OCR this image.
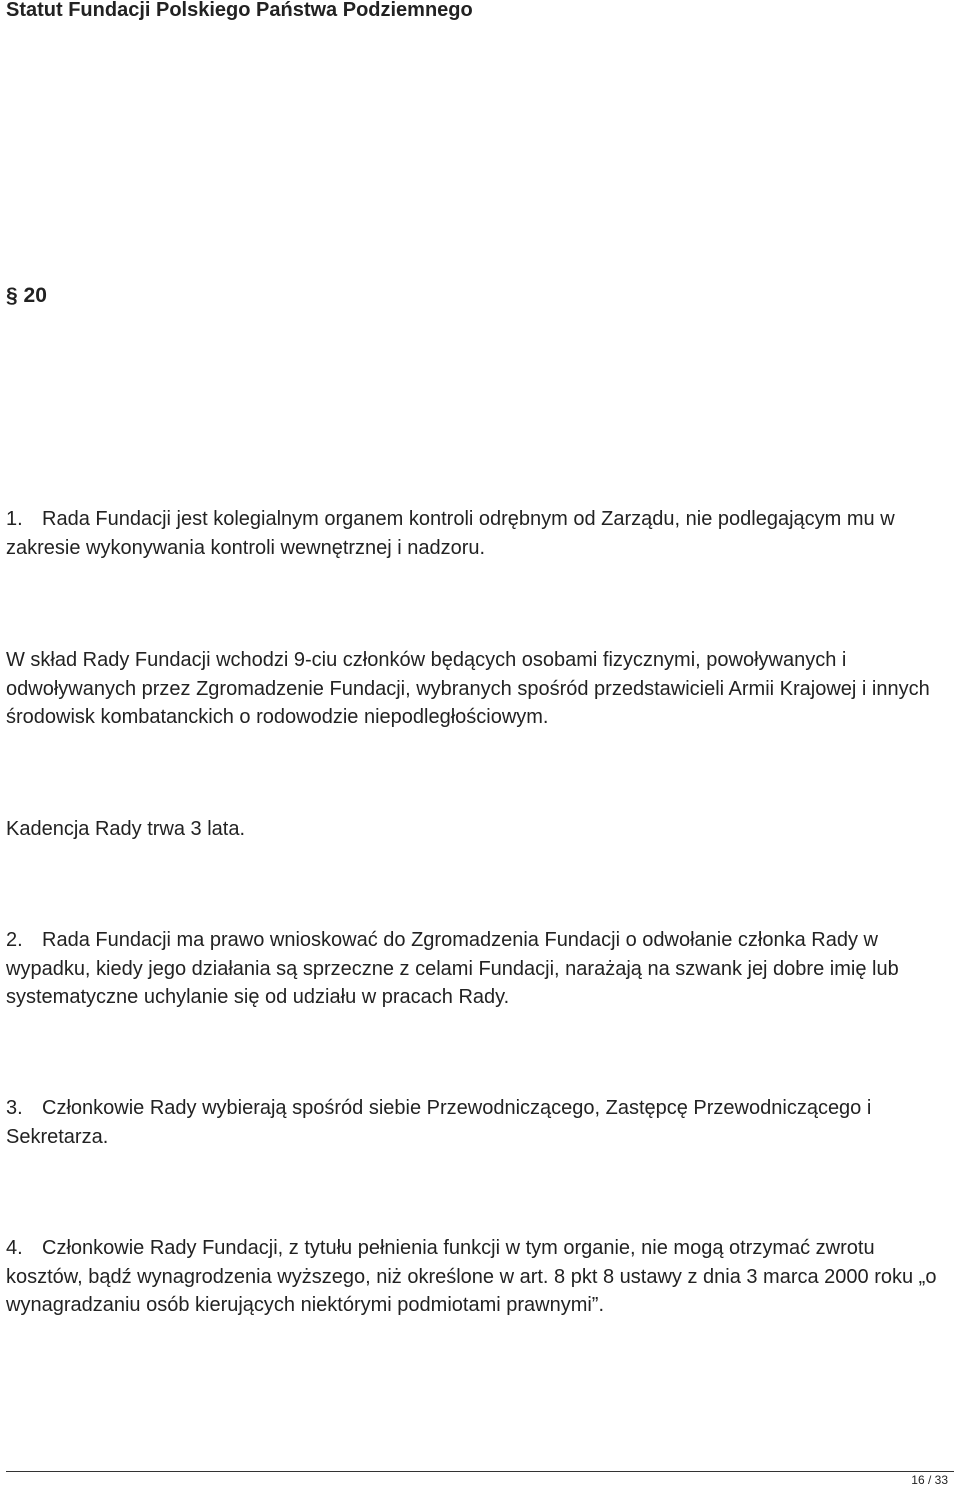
Statut Fundacji Polskiego Państwa Podziemnego
§ 20

1. Rada Fundacji jest kolegialnym organem kontroli odrębnym od Zarządu, nie podlegającym mu w zakresie wykonywania kontroli wewnętrznej i nadzoru.

W skład Rady Fundacji wchodzi 9-ciu członków będących osobami fizycznymi, powoływanych i odwoływanych przez Zgromadzenie Fundacji, wybranych spośród przedstawicieli Armii Krajowej i innych środowisk kombatanckich o rodowodzie niepodległościowym.

Kadencja Rady trwa 3 lata.

2. Rada Fundacji ma prawo wnioskować do Zgromadzenia Fundacji o odwołanie członka Rady w wypadku, kiedy jego działania są sprzeczne z celami Fundacji, narażają na szwank jej dobre imię lub systematyczne uchylanie się od udziału w pracach Rady.

3. Członkowie Rady wybierają spośród siebie Przewodniczącego, Zastępcę Przewodniczącego i Sekretarza.

4. Członkowie Rady Fundacji, z tytułu pełnienia funkcji w tym organie, nie mogą otrzymać zwrotu kosztów, bądź wynagrodzenia wyższego, niż określone w art. 8 pkt 8 ustawy z dnia 3 marca 2000 roku „o wynagradzaniu osób kierujących niektórymi podmiotami prawnymi”.

16 / 33
